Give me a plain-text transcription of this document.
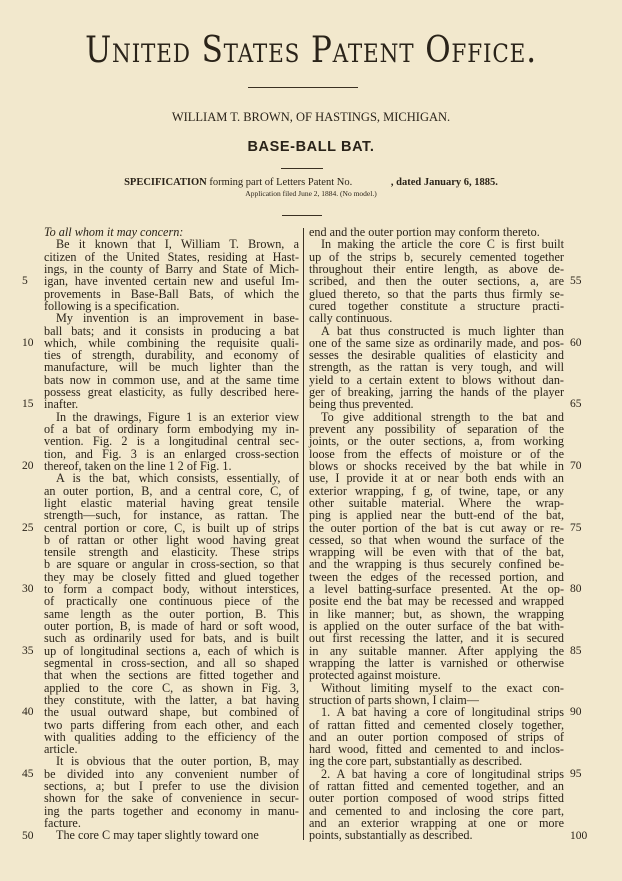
United States Patent Office.
WILLIAM T. BROWN, OF HASTINGS, MICHIGAN.
BASE-BALL BAT.
SPECIFICATION forming part of Letters Patent No.	, dated January 6, 1885.
Application filed June 2, 1884. (No model.)
To all whom it may concern:
Be it known that I, William T. Brown, a
citizen of the United States, residing at Hast-
ings, in the county of Barry and State of Mich-
igan, have invented certain new and useful Im-
provements in Base-Ball Bats, of which the
following is a specification.
My invention is an improvement in base-
ball bats; and it consists in producing a bat
which, while combining the requisite quali-
ties of strength, durability, and economy of
manufacture, will be much lighter than the
bats now in common use, and at the same time
possess great elasticity, as fully described here-
inafter.
In the drawings, Figure 1 is an exterior view
of a bat of ordinary form embodying my in-
vention. Fig. 2 is a longitudinal central sec-
tion, and Fig. 3 is an enlarged cross-section
thereof, taken on the line 1 2 of Fig. 1.
A is the bat, which consists, essentially, of
an outer portion, B, and a central core, C, of
light elastic material having great tensile
strength—such, for instance, as rattan. The
central portion or core, C, is built up of strips
b of rattan or other light wood having great
tensile strength and elasticity. These strips
b are square or angular in cross-section, so that
they may be closely fitted and glued together
to form a compact body, without interstices,
of practically one continuous piece of the
same length as the outer portion, B. This
outer portion, B, is made of hard or soft wood,
such as ordinarily used for bats, and is built
up of longitudinal sections a, each of which is
segmental in cross-section, and all so shaped
that when the sections are fitted together and
applied to the core C, as shown in Fig. 3,
they constitute, with the latter, a bat having
the usual outward shape, but combined of
two parts differing from each other, and each
with qualities adding to the efficiency of the
article.
It is obvious that the outer portion, B, may
be divided into any convenient number of
sections, a; but I prefer to use the division
shown for the sake of convenience in secur-
ing the parts together and economy in manu-
facture.
The core C may taper slightly toward one
end and the outer portion may conform thereto.
In making the article the core C is first built
up of the strips b, securely cemented together
throughout their entire length, as above de-
scribed, and then the outer sections, a, are
glued thereto, so that the parts thus firmly se-
cured together constitute a structure practi-
cally continuous.
A bat thus constructed is much lighter than
one of the same size as ordinarily made, and pos-
sesses the desirable qualities of elasticity and
strength, as the rattan is very tough, and will
yield to a certain extent to blows without dan-
ger of breaking, jarring the hands of the player
being thus prevented.
To give additional strength to the bat and
prevent any possibility of separation of the
joints, or the outer sections, a, from working
loose from the effects of moisture or of the
blows or shocks received by the bat while in
use, I provide it at or near both ends with an
exterior wrapping, f g, of twine, tape, or any
other suitable material. Where the wrap-
ping is applied near the butt-end of the bat,
the outer portion of the bat is cut away or re-
cessed, so that when wound the surface of the
wrapping will be even with that of the bat,
and the wrapping is thus securely confined be-
tween the edges of the recessed portion, and
a level batting-surface presented. At the op-
posite end the bat may be recessed and wrapped
in like manner; but, as shown, the wrapping
is applied on the outer surface of the bat with-
out first recessing the latter, and it is secured
in any suitable manner. After applying the
wrapping the latter is varnished or otherwise
protected against moisture.
Without limiting myself to the exact con-
struction of parts shown, I claim—
1. A bat having a core of longitudinal strips
of rattan fitted and cemented closely together,
and an outer portion composed of strips of
hard wood, fitted and cemented to and inclos-
ing the core part, substantially as described.
2. A bat having a core of longitudinal strips
of rattan fitted and cemented together, and an
outer portion composed of wood strips fitted
and cemented to and inclosing the core part,
and an exterior wrapping at one or more
points, substantially as described.
5
10
15
20
25
30
35
40
45
50
55
60
65
70
75
80
85
90
95
100
